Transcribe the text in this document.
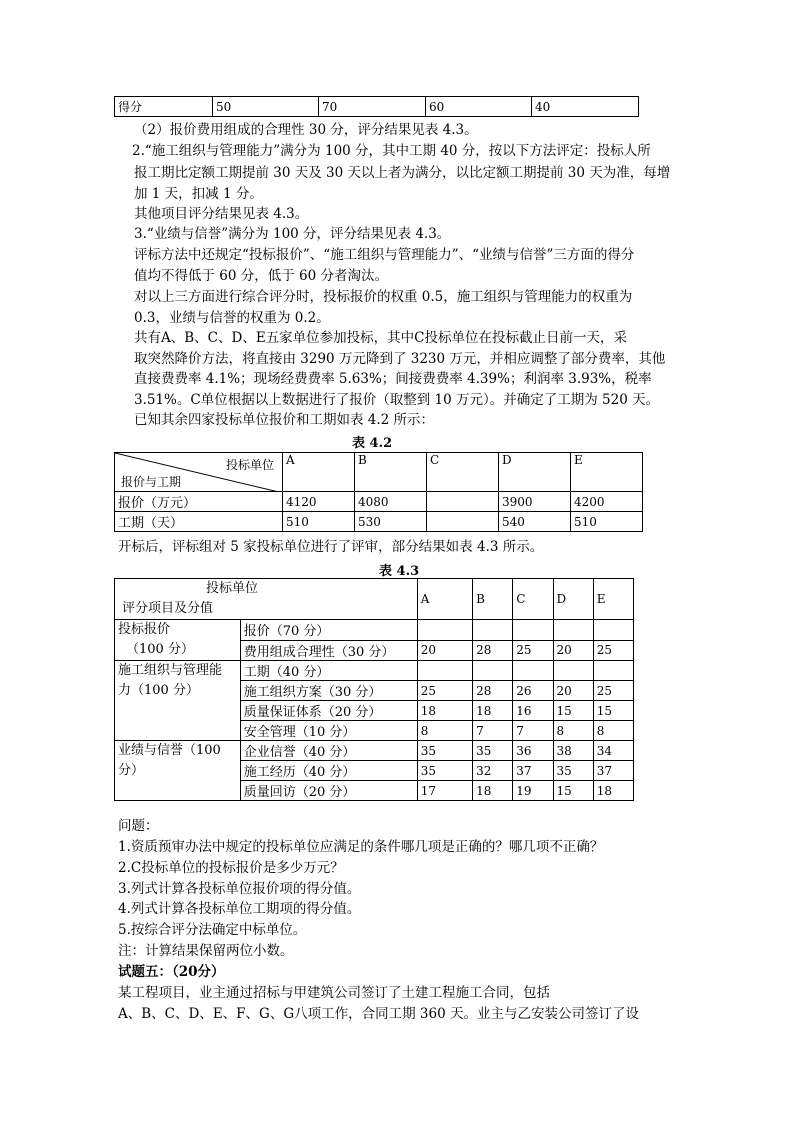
得分	50	70	60	40
（2）报价费用组成的合理性 30 分，评分结果见表 4.3。
2.“施工组织与管理能力”满分为 100 分，其中工期 40 分，按以下方法评定：投标人所
报工期比定额工期提前 30 天及 30 天以上者为满分，以比定额工期提前 30 天为准，每增
加 1 天，扣减 1 分。
其他项目评分结果见表 4.3。
3.“业绩与信誉”满分为 100 分，评分结果见表 4.3。
评标方法中还规定“投标报价”、“施工组织与管理能力”、“业绩与信誉”三方面的得分
值均不得低于 60 分，低于 60 分者淘汰。
对以上三方面进行综合评分时，投标报价的权重 0.5，施工组织与管理能力的权重为
0.3，业绩与信誉的权重为 0.2。
共有A、B、C、D、E五家单位参加投标，其中C投标单位在投标截止日前一天，采
取突然降价方法，将直接由 3290 万元降到了 3230 万元，并相应调整了部分费率，其他
直接费费率 4.1%；现场经费费率 5.63%；间接费费率 4.39%；利润率 3.93%，税率
3.51%。C单位根据以上数据进行了报价（取整到 10 万元）。并确定了工期为 520 天。
已知其余四家投标单位报价和工期如表 4.2 所示：
表 4.2
投标单位
报价与工期	A	B	C	D	E
报价（万元）	4120	4080		3900	4200
工期（天）	510	530		540	510
开标后，评标组对 5 家投标单位进行了评审，部分结果如表 4.3 所示。
表 4.3
投标单位
评分项目及分值		A	B	C	D	E

投标报价
（100 分）	报价（70 分）					
	费用组成合理性（30 分）	20	28	25	20	25

施工组织与管理能
力（100 分）	工期（40 分）					
	施工组织方案（30 分）	25	28	26	20	25
	质量保证体系（20 分）	18	18	16	15	15
	安全管理（10 分）	8	7	7	8	8

业绩与信誉（100
分）	企业信誉（40 分）	35	35	36	38	34
	施工经历（40 分）	35	32	37	35	37
	质量回访（20 分）	17	18	19	15	18
问题：
1.资质预审办法中规定的投标单位应满足的条件哪几项是正确的？哪几项不正确？
2.C投标单位的投标报价是多少万元？
3.列式计算各投标单位报价项的得分值。
4.列式计算各投标单位工期项的得分值。
5.按综合评分法确定中标单位。
注：计算结果保留两位小数。
试题五：（20分）
某工程项目，业主通过招标与甲建筑公司签订了土建工程施工合同，包括
A、B、C、D、E、F、G、G八项工作，合同工期 360 天。业主与乙安装公司签订了设
